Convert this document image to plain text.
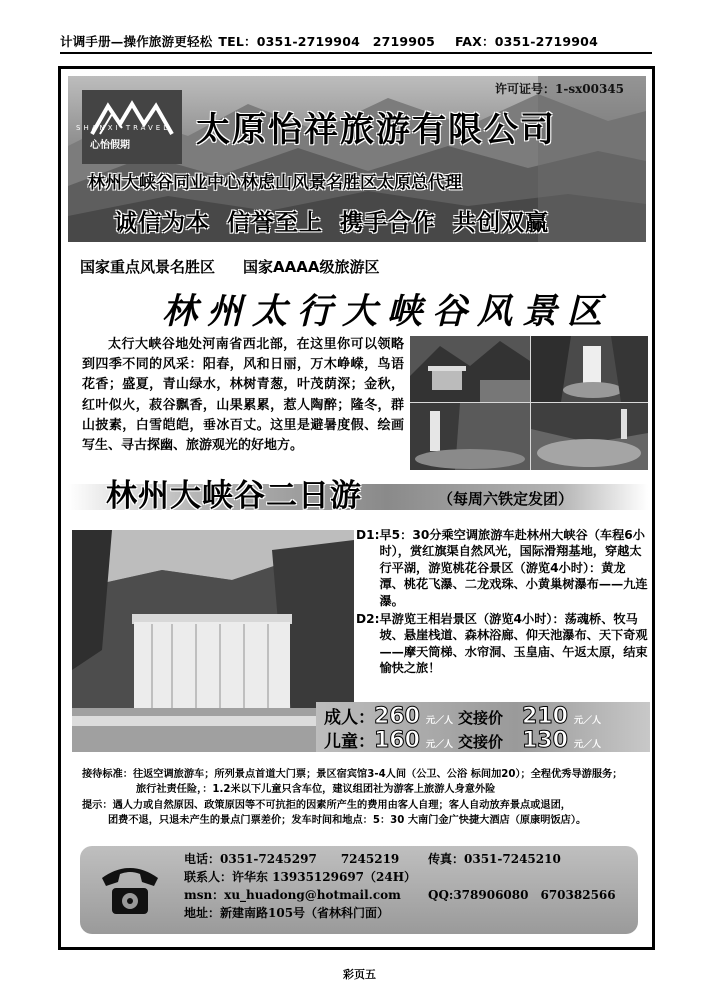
计调手册—操作旅游更轻松 TEL：0351-2719904　2719905 FAX：0351-2719904
SHANXI TRAVEL
心怡假期
许可证号：1-sx00345
太原怡祥旅游有限公司
林州大峡谷同业中心林虑山风景名胜区太原总代理
诚信为本 信誉至上 携手合作 共创双赢
国家重点风景名胜区 国家AAAA级旅游区
林州太行大峡谷风景区
太行大峡谷地处河南省西北部，在这里你可以领略到四季不同的风采：阳春，风和日丽，万木峥嵘，鸟语花香；盛夏，青山绿水，林树青葱，叶茂荫深；金秋，红叶似火，菽谷飘香，山果累累，惹人陶醉；隆冬，群山披素，白雪皑皑，垂冰百丈。这里是避暑度假、绘画写生、寻古探幽、旅游观光的好地方。
林州大峡谷二日游	（每周六铁定发团）
D1: 早5：30分乘空调旅游车赴林州大峡谷（车程6小时），赏红旗渠自然风光，国际滑翔基地，穿越太行平湖，游览桃花谷景区（游览4小时）：黄龙潭、桃花飞瀑、二龙戏珠、小黄巢树瀑布——九连瀑。
D2: 早游览王相岩景区（游览4小时）：荡魂桥、牧马坡、悬崖栈道、森林浴廊、仰天池瀑布、天下奇观——摩天筒梯、水帘洞、玉皇庙、午返太原，结束愉快之旅！
成人： 260 元／人 交接价 210 元／人
儿童： 160 元／人 交接价 130 元／人
接待标准： 往返空调旅游车；所列景点首道大门票；景区宿宾馆3-4人间（公卫、公浴 标间加20）；全程优秀导游服务；
旅行社责任险，：1.2米以下儿童只含车位，建议组团社为游客上旅游人身意外险
提示： 遇人力或自然原因、政策原因等不可抗拒的因素所产生的费用由客人自理；客人自动放弃景点或退团，
团费不退，只退未产生的景点门票差价；发车时间和地点：5：30 大南门金广快捷大酒店（原康明饭店）。
电话：0351-7245297　　7245219 传真：0351-7245210
联系人：许华东 13935129697（24H）
msn：xu_huadong@hotmail.com QQ:378906080　670382566
地址：新建南路105号（省林科门面）
彩页五
